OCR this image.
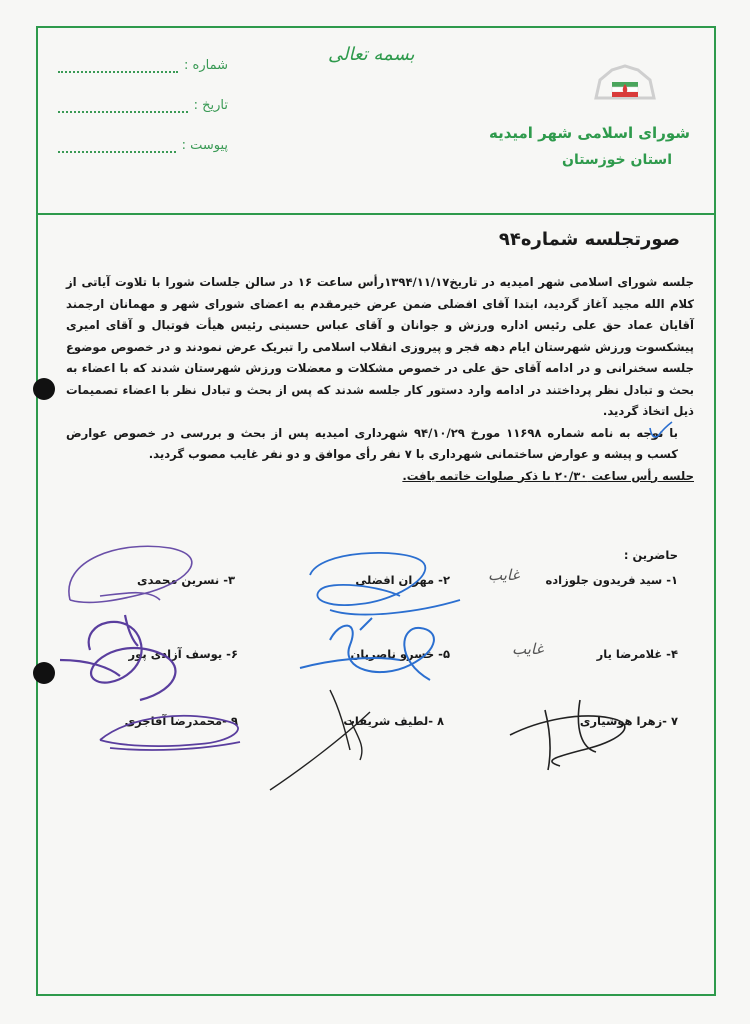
شماره :
تاریخ :
پیوست :
بسمه تعالی
شورای اسلامی شهر امیدیه
استان خوزستان
صورتجلسه شماره۹۴

جلسه شورای اسلامی شهر امیدیه در تاریخ۱۳۹۴/۱۱/۱۷رأس ساعت ۱۶ در سالن جلسات شورا با تلاوت آیاتی از کلام الله مجید آغاز گردید، ابتدا آقای افضلی ضمن عرض خیرمقدم به اعضای شورای شهر و مهمانان ارجمند آقایان عماد حق علی رئیس اداره ورزش و جوانان و آقای عباس حسینی رئیس هیأت فوتبال و آقای امیری پیشکسوت ورزش شهرستان ایام دهه فجر و پیروزی انقلاب اسلامی را تبریک عرض نمودند و در خصوص موضوع جلسه سخنرانی و در ادامه آقای حق علی در خصوص مشکلات و معضلات ورزش شهرستان شدند که با اعضاء به بحث و تبادل نظر پرداختند در ادامه وارد دستور کار جلسه شدند که پس از بحث و تبادل نظر با اعضاء تصمیمات ذیل اتخاذ گردید.

با توجه به نامه شماره ۱۱۶۹۸ مورخ ۹۴/۱۰/۲۹ شهرداری امیدیه پس از بحث و بررسی در خصوص عوارض کسب و پیشه و عوارض ساختمانی شهرداری با ۷ نفر رأی موافق و دو نفر غایب مصوب گردید.

جلسه رأس ساعت ۲۰/۳۰ با ذکر صلوات خاتمه یافت.

حاضرین :
۱- سید فریدون جلوزاده
۲- مهران افضلی
۳- نسرین محمدی
۴- غلامرضا یار
۵- خسرو ناصریان
۶- یوسف آزادی پور
۷ -زهرا هوشیاری
۸ -لطیف شریفات
۹ -محمدرضا آقاجری
غایب
غایب
